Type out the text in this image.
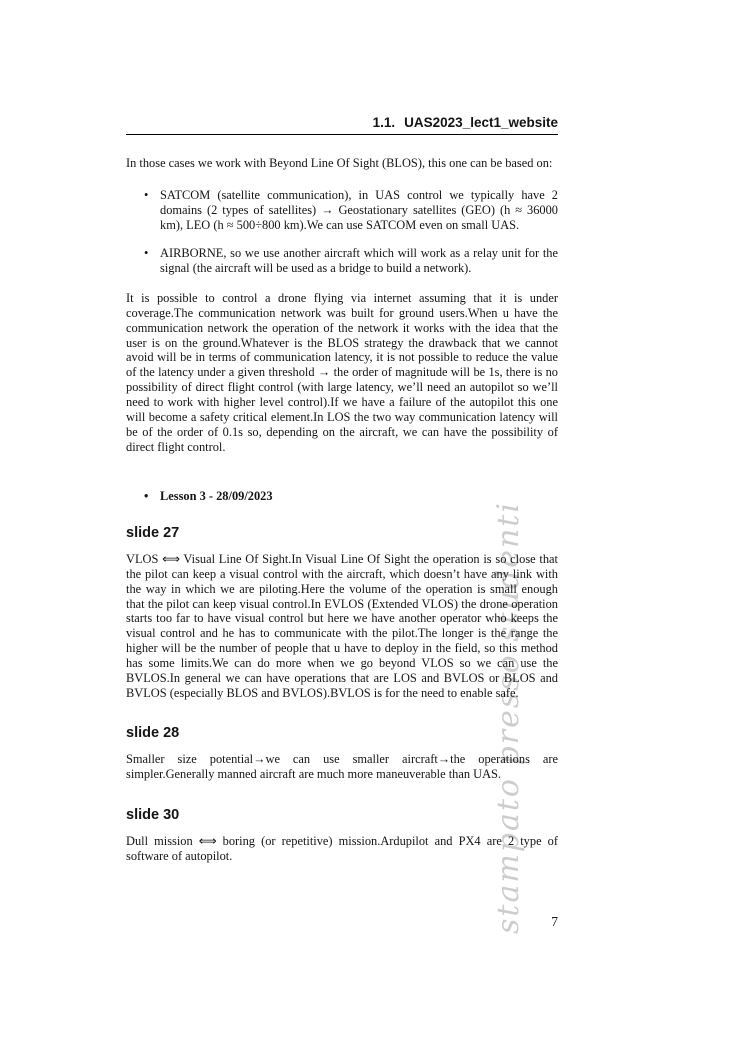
stampato presso studenti
1.1. UAS2023_lect1_website

In those cases we work with Beyond Line Of Sight (BLOS), this one can be based on:

• SATCOM (satellite communication), in UAS control we typically have 2 domains (2 types of satellites) → Geostationary satellites (GEO) (h ≈ 36000 km), LEO (h ≈ 500÷800 km).We can use SATCOM even on small UAS.
• AIRBORNE, so we use another aircraft which will work as a relay unit for the signal (the aircraft will be used as a bridge to build a network).

It is possible to control a drone flying via internet assuming that it is under coverage.The communication network was built for ground users.When u have the communication network the operation of the network it works with the idea that the user is on the ground.Whatever is the BLOS strategy the drawback that we cannot avoid will be in terms of communication latency, it is not possible to reduce the value of the latency under a given threshold → the order of magnitude will be 1s, there is no possibility of direct flight control (with large latency, we’ll need an autopilot so we’ll need to work with higher level control).If we have a failure of the autopilot this one will become a safety critical element.In LOS the two way communication latency will be of the order of 0.1s so, depending on the aircraft, we can have the possibility of direct flight control.

• Lesson 3 - 28/09/2023
slide 27

VLOS ⟺ Visual Line Of Sight.In Visual Line Of Sight the operation is so close that the pilot can keep a visual control with the aircraft, which doesn’t have any link with the way in which we are piloting.Here the volume of the operation is small enough that the pilot can keep visual control.In EVLOS (Extended VLOS) the drone operation starts too far to have visual control but here we have another operator who keeps the visual control and he has to communicate with the pilot.The longer is the range the higher will be the number of people that u have to deploy in the field, so this method has some limits.We can do more when we go beyond VLOS so we can use the BVLOS.In general we can have operations that are LOS and BVLOS or BLOS and BVLOS (especially BLOS and BVLOS).BVLOS is for the need to enable safe.

slide 28

Smaller size potential→we can use smaller aircraft→the operations are simpler.Generally manned aircraft are much more maneuverable than UAS.

slide 30

Dull mission ⟺ boring (or repetitive) mission.Ardupilot and PX4 are 2 type of software of autopilot.

7
